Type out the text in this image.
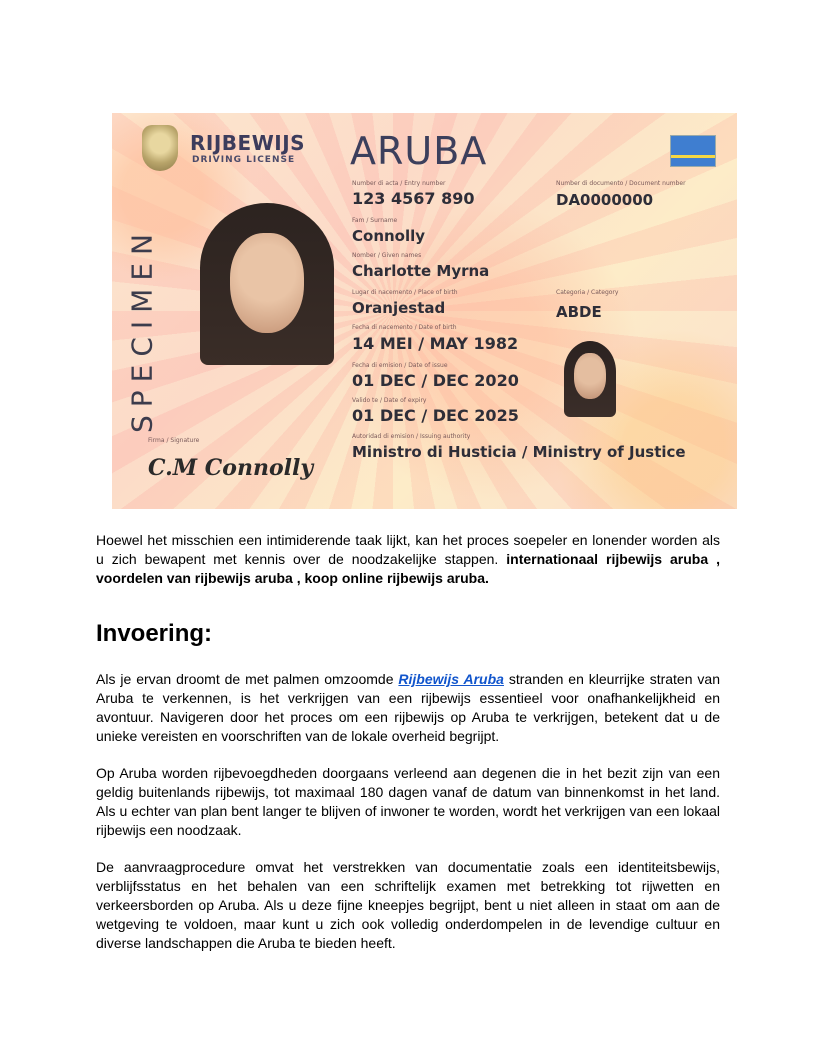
RIJBEWIJS
DRIVING LICENSE ARUBA
SPECIMEN
Number di acta / Entry number
123 4567 890
Number di documento / Document number
DA0000000
Fam / Surname
Connolly
Nomber / Given names
Charlotte Myrna
Lugar di nacemento / Place of birth
Oranjestad
Categoria / Category
ABDE
Fecha di nacemento / Date of birth
14 MEI / MAY 1982
Fecha di emision / Date of issue
01 DEC / DEC 2020
Valido te / Date of expiry
01 DEC / DEC 2025
Autoridad di emision / Issuing authority
Ministro di Husticia / Ministry of Justice
Firma / Signature
C.M Connolly

Hoewel het misschien een intimiderende taak lijkt, kan het proces soepeler en lonender worden als u zich bewapent met kennis over de noodzakelijke stappen. internationaal rijbewijs aruba , voordelen van rijbewijs aruba , koop online rijbewijs aruba.

Invoering:

Als je ervan droomt de met palmen omzoomde Rijbewijs Aruba stranden en kleurrijke straten van Aruba te verkennen, is het verkrijgen van een rijbewijs essentieel voor onafhankelijkheid en avontuur. Navigeren door het proces om een rijbewijs op Aruba te verkrijgen, betekent dat u de unieke vereisten en voorschriften van de lokale overheid begrijpt.

Op Aruba worden rijbevoegdheden doorgaans verleend aan degenen die in het bezit zijn van een geldig buitenlands rijbewijs, tot maximaal 180 dagen vanaf de datum van binnenkomst in het land. Als u echter van plan bent langer te blijven of inwoner te worden, wordt het verkrijgen van een lokaal rijbewijs een noodzaak.

De aanvraagprocedure omvat het verstrekken van documentatie zoals een identiteitsbewijs, verblijfsstatus en het behalen van een schriftelijk examen met betrekking tot rijwetten en verkeersborden op Aruba. Als u deze fijne kneepjes begrijpt, bent u niet alleen in staat om aan de wetgeving te voldoen, maar kunt u zich ook volledig onderdompelen in de levendige cultuur en diverse landschappen die Aruba te bieden heeft.
